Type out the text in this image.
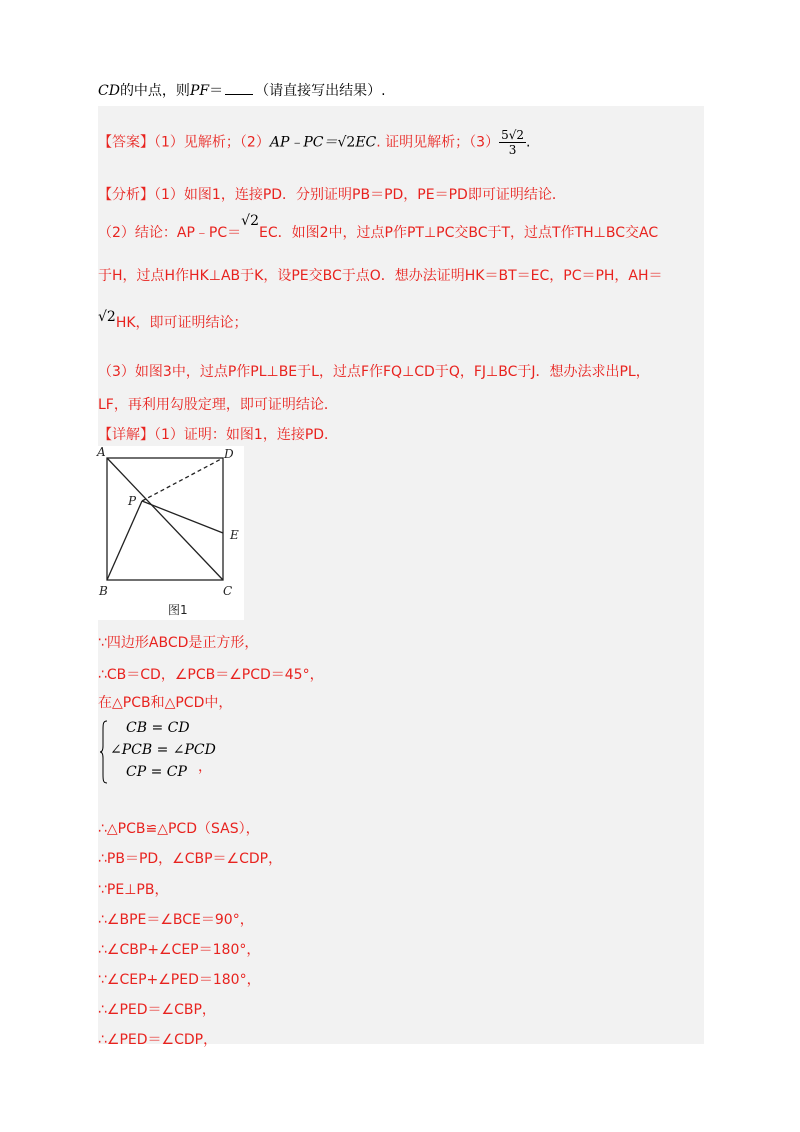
CD的中点，则PF＝ （请直接写出结果）.
【答案】（1）见解析；（2）AP﹣PC＝√2EC. 证明见解析；$(3) \frac{5√2}{3}$ .
【分析】（1）如图1，连接PD．分别证明PB＝PD，PE＝PD即可证明结论．
（2）结论：AP﹣PC＝√2EC．如图2中，过点P作PT⊥PC交BC于T，过点T作TH⊥BC交AC
于H，过点H作HK⊥AB于K，设PE交BC于点O．想办法证明HK＝BT＝EC，PC＝PH，AH＝
√2HK，即可证明结论；
（3）如图3中，过点P作PL⊥BE于L，过点F作FQ⊥CD于Q，FJ⊥BC于J．想办法求出PL，
LF，再利用勾股定理，即可证明结论．
【详解】（1）证明：如图1，连接PD．
A	D
P
E
B	C
图1
∵四边形ABCD是正方形，
∴CB＝CD，∠PCB＝∠PCD＝45°，
在△PCB和△PCD中，
CB = CD
∠PCB = ∠PCD
CP = CP ，
∴△PCB≌△PCD（SAS），
∴PB＝PD，∠CBP＝∠CDP，
∵PE⊥PB，
∴∠BPE＝∠BCE＝90°，
∴∠CBP+∠CEP＝180°，
∵∠CEP+∠PED＝180°，
∴∠PED＝∠CBP，
∴∠PED＝∠CDP，
